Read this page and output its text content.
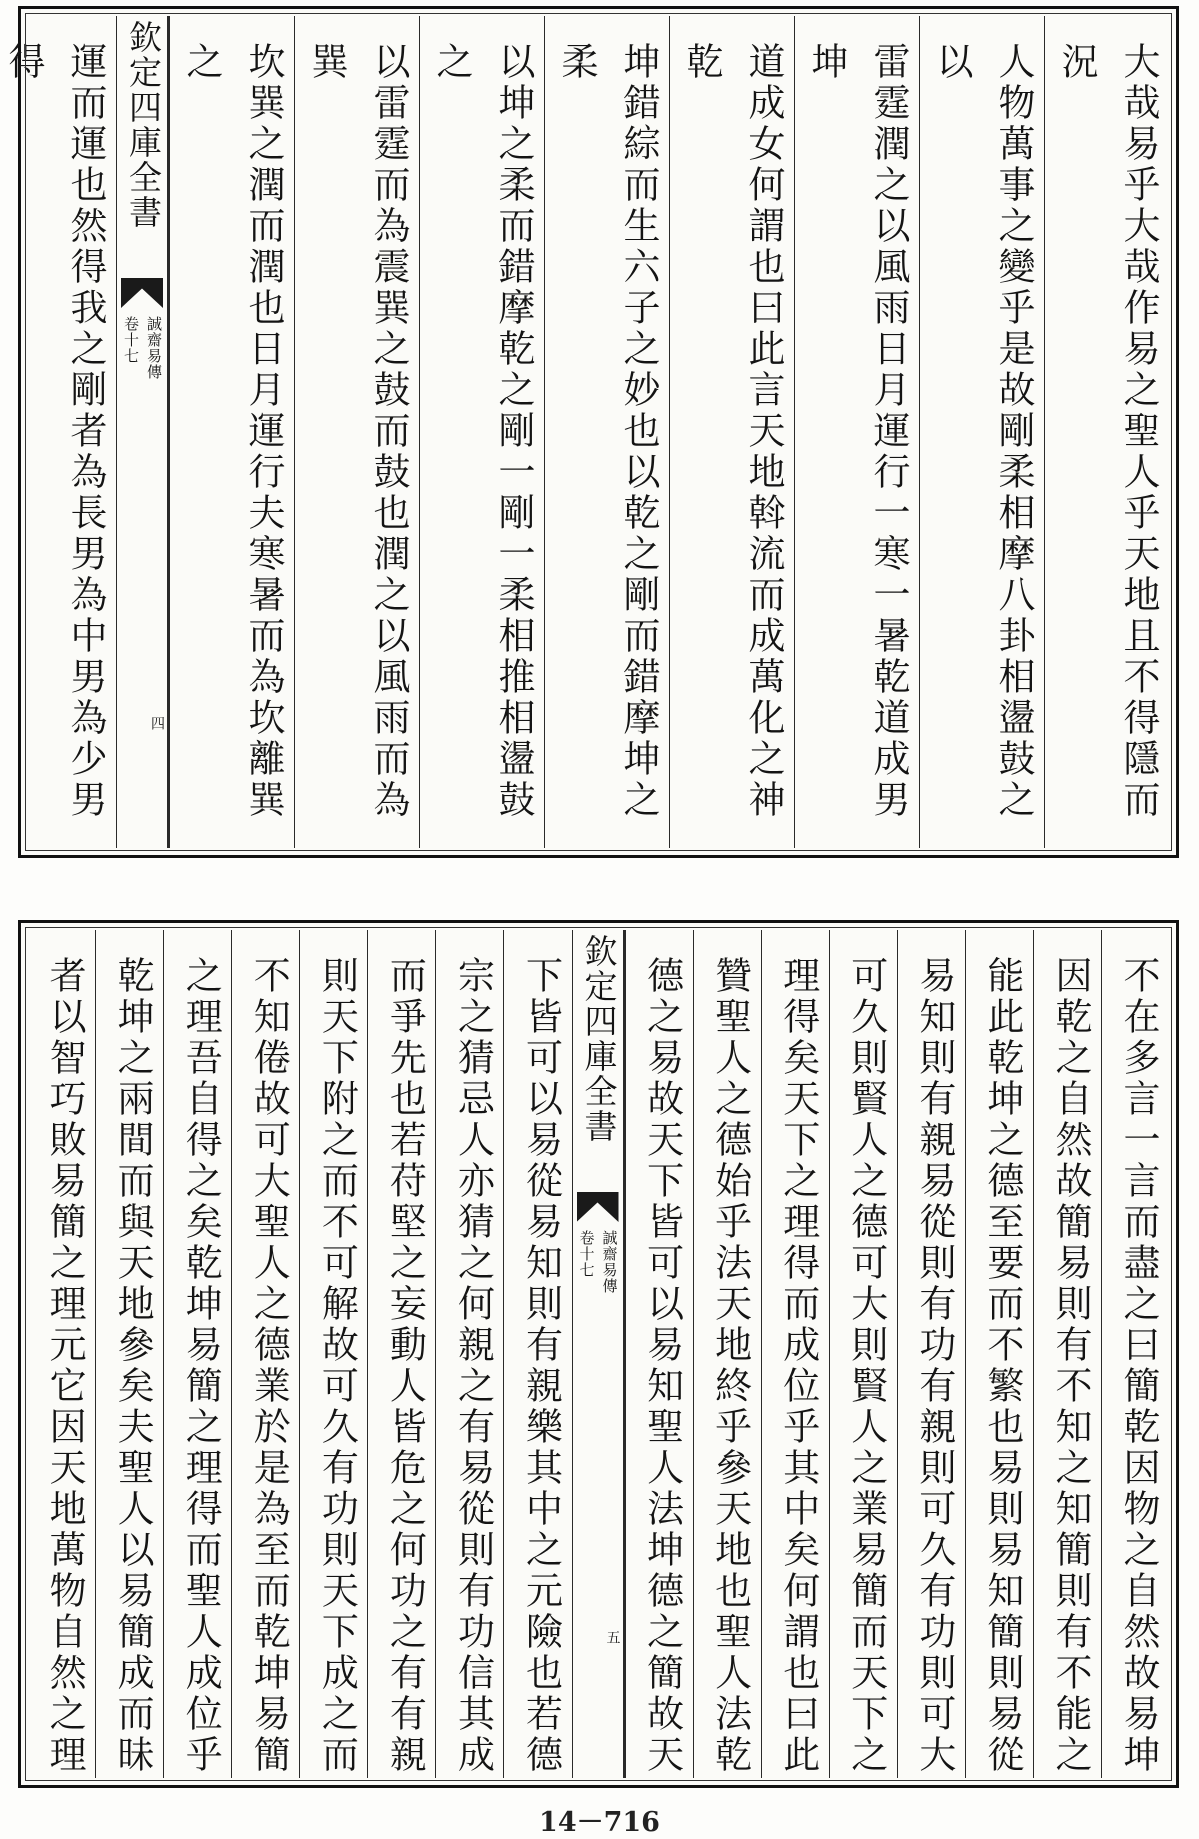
大哉易乎大哉作易之聖人乎天地且不得隱而況
人物萬事之變乎是故剛柔相摩八卦相盪鼓之以
雷霆潤之以風雨日月運行一寒一暑乾道成男坤
道成女何謂也曰此言天地斡流而成萬化之神乾
坤錯綜而生六子之妙也以乾之剛而錯摩坤之柔
以坤之柔而錯摩乾之剛一剛一柔相推相盪鼓之
以雷霆而為震巽之鼓而鼓也潤之以風雨而為巽
坎巽之潤而潤也日月運行夫寒暑而為坎離巽之
欽定四庫全書
誠齋易傳
卷十七
四
運而運也然得我之剛者為長男為中男為少男得
不在多言一言而盡之曰簡乾因物之自然故易坤
因乾之自然故簡易則有不知之知簡則有不能之
能此乾坤之德至要而不繁也易則易知簡則易從
易知則有親易從則有功有親則可久有功則可大
可久則賢人之德可大則賢人之業易簡而天下之
理得矣天下之理得而成位乎其中矣何謂也曰此
贊聖人之德始乎法天地終乎參天地也聖人法乾
德之易故天下皆可以易知聖人法坤德之簡故天
欽定四庫全書
誠齋易傳
卷十七
五
下皆可以易從易知則有親樂其中之元險也若德
宗之猜忌人亦猜之何親之有易從則有功信其成
而爭先也若苻堅之妄動人皆危之何功之有有親
則天下附之而不可解故可久有功則天下成之而
不知倦故可大聖人之德業於是為至而乾坤易簡
之理吾自得之矣乾坤易簡之理得而聖人成位乎
乾坤之兩間而與天地參矣夫聖人以易簡成而昧
者以智巧敗易簡之理元它因天地萬物自然之理
14－716
